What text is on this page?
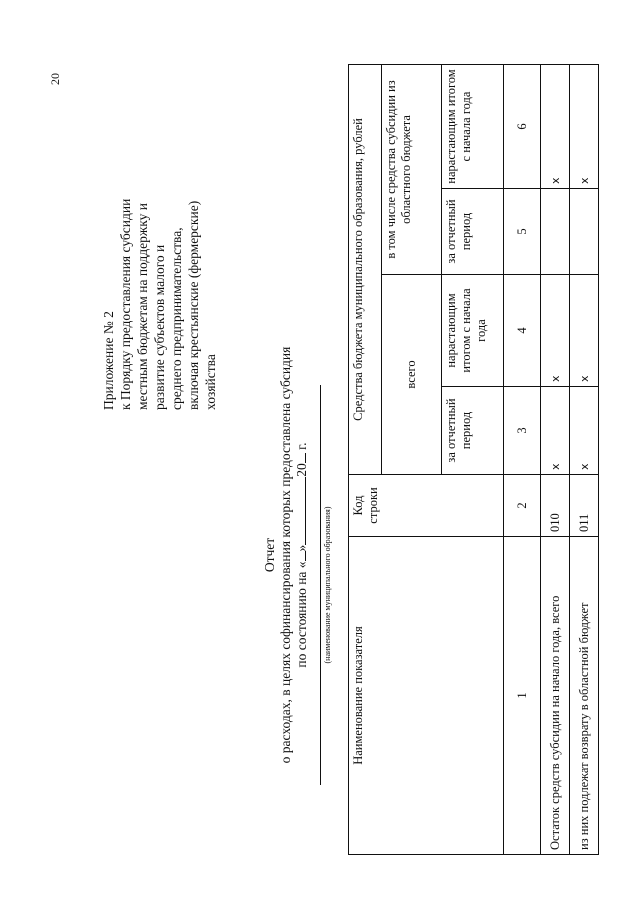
20
Приложение № 2 к Порядку предоставления субсидии местным бюджетам на поддержку и развитие субъектов малого и среднего предпринимательства, включая крестьянские (фермерские) хозяйства
Отчет о расходах, в целях софинансирования которых предоставлена субсидия по состоянию на «»20 г.
(наименование муниципального образования)
Наименование показателя	Код строки	Средства бюджета муниципального образования, рублей			
		всего		в том числе средства субсидии из областного бюджета	
		за отчетный период	нарастающим итогом с начала года	за отчетный период	нарастающим итогом с начала года
1	2	3	4	5	6
Остаток средств субсидии на начало года, всего	010	х	х		х
из них подлежат возврату в областной бюджет	011	х	х		х
